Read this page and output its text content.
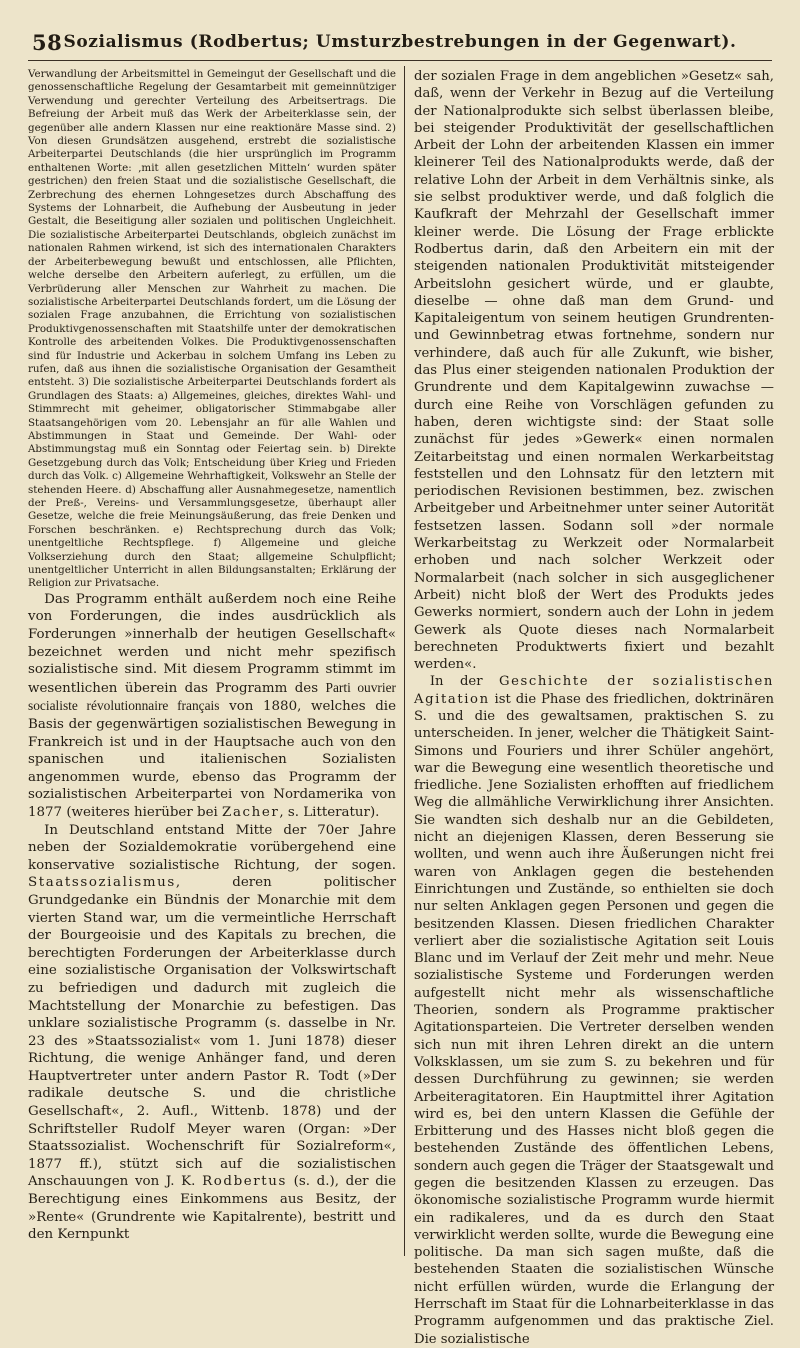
58 Sozialismus (Rodbertus; Umsturzbestrebungen in der Gegenwart).

Verwandlung der Arbeitsmittel in Gemeingut der Gesellschaft und die genossenschaftliche Regelung der Gesamtarbeit mit gemeinnütziger Verwendung und gerechter Verteilung des Arbeitsertrags. Die Befreiung der Arbeit muß das Werk der Arbeiterklasse sein, der gegenüber alle andern Klassen nur eine reaktionäre Masse sind. 2) Von diesen Grundsätzen ausgehend, erstrebt die sozialistische Arbeiterpartei Deutschlands (die hier ursprünglich im Programm enthaltenen Worte: ‚mit allen gesetzlichen Mitteln‘ wurden später gestrichen) den freien Staat und die sozialistische Gesellschaft, die Zerbrechung des ehernen Lohngesetzes durch Abschaffung des Systems der Lohnarbeit, die Aufhebung der Ausbeutung in jeder Gestalt, die Beseitigung aller sozialen und politischen Ungleichheit. Die sozialistische Arbeiterpartei Deutschlands, obgleich zunächst im nationalen Rahmen wirkend, ist sich des internationalen Charakters der Arbeiterbewegung bewußt und entschlossen, alle Pflichten, welche derselbe den Arbeitern auferlegt, zu erfüllen, um die Verbrüderung aller Menschen zur Wahrheit zu machen. Die sozialistische Arbeiterpartei Deutschlands fordert, um die Lösung der sozialen Frage anzubahnen, die Errichtung von sozialistischen Produktivgenossenschaften mit Staatshilfe unter der demokratischen Kontrolle des arbeitenden Volkes. Die Produktivgenossenschaften sind für Industrie und Ackerbau in solchem Umfang ins Leben zu rufen, daß aus ihnen die sozialistische Organisation der Gesamtheit entsteht. 3) Die sozialistische Arbeiterpartei Deutschlands fordert als Grundlagen des Staats: a) Allgemeines, gleiches, direktes Wahl- und Stimmrecht mit geheimer, obligatorischer Stimmabgabe aller Staatsangehörigen vom 20. Lebensjahr an für alle Wahlen und Abstimmungen in Staat und Gemeinde. Der Wahl- oder Abstimmungstag muß ein Sonntag oder Feiertag sein. b) Direkte Gesetzgebung durch das Volk; Entscheidung über Krieg und Frieden durch das Volk. c) Allgemeine Wehrhaftigkeit, Volkswehr an Stelle der stehenden Heere. d) Abschaffung aller Ausnahmegesetze, namentlich der Preß-, Vereins- und Versammlungsgesetze, überhaupt aller Gesetze, welche die freie Meinungsäußerung, das freie Denken und Forschen beschränken. e) Rechtsprechung durch das Volk; unentgeltliche Rechtspflege. f) Allgemeine und gleiche Volkserziehung durch den Staat; allgemeine Schulpflicht; unentgeltlicher Unterricht in allen Bildungsanstalten; Erklärung der Religion zur Privatsache.

Das Programm enthält außerdem noch eine Reihe von Forderungen, die indes ausdrücklich als Forderungen »innerhalb der heutigen Gesellschaft« bezeichnet werden und nicht mehr spezifisch sozialistische sind. Mit diesem Programm stimmt im wesentlichen überein das Programm des Parti ouvrier socialiste révolutionnaire français von 1880, welches die Basis der gegenwärtigen sozialistischen Bewegung in Frankreich ist und in der Hauptsache auch von den spanischen und italienischen Sozialisten angenommen wurde, ebenso das Programm der sozialistischen Arbeiterpartei von Nordamerika von 1877 (weiteres hierüber bei Zacher, s. Litteratur).

In Deutschland entstand Mitte der 70er Jahre neben der Sozialdemokratie vorübergehend eine konservative sozialistische Richtung, der sogen. Staatssozialismus, deren politischer Grundgedanke ein Bündnis der Monarchie mit dem vierten Stand war, um die vermeintliche Herrschaft der Bourgeoisie und des Kapitals zu brechen, die berechtigten Forderungen der Arbeiterklasse durch eine sozialistische Organisation der Volkswirtschaft zu befriedigen und dadurch mit zugleich die Machtstellung der Monarchie zu befestigen. Das unklare sozialistische Programm (s. dasselbe in Nr. 23 des »Staatssozialist« vom 1. Juni 1878) dieser Richtung, die wenige Anhänger fand, und deren Hauptvertreter unter andern Pastor R. Todt (»Der radikale deutsche S. und die christliche Gesellschaft«, 2. Aufl., Wittenb. 1878) und der Schriftsteller Rudolf Meyer waren (Organ: »Der Staatssozialist. Wochenschrift für Sozialreform«, 1877 ff.), stützt sich auf die sozialistischen Anschauungen von J. K. Rodbertus (s. d.), der die Berechtigung eines Einkommens aus Besitz, der »Rente« (Grundrente wie Kapitalrente), bestritt und den Kernpunkt

der sozialen Frage in dem angeblichen »Gesetz« sah, daß, wenn der Verkehr in Bezug auf die Verteilung der Nationalprodukte sich selbst überlassen bleibe, bei steigender Produktivität der gesellschaftlichen Arbeit der Lohn der arbeitenden Klassen ein immer kleinerer Teil des Nationalprodukts werde, daß der relative Lohn der Arbeit in dem Verhältnis sinke, als sie selbst produktiver werde, und daß folglich die Kaufkraft der Mehrzahl der Gesellschaft immer kleiner werde. Die Lösung der Frage erblickte Rodbertus darin, daß den Arbeitern ein mit der steigenden nationalen Produktivität mitsteigender Arbeitslohn gesichert würde, und er glaubte, dieselbe — ohne daß man dem Grund- und Kapitaleigentum von seinem heutigen Grundrenten- und Gewinnbetrag etwas fortnehme, sondern nur verhindere, daß auch für alle Zukunft, wie bisher, das Plus einer steigenden nationalen Produktion der Grundrente und dem Kapitalgewinn zuwachse — durch eine Reihe von Vorschlägen gefunden zu haben, deren wichtigste sind: der Staat solle zunächst für jedes »Gewerk« einen normalen Zeitarbeitstag und einen normalen Werkarbeitstag feststellen und den Lohnsatz für den letztern mit periodischen Revisionen bestimmen, bez. zwischen Arbeitgeber und Arbeitnehmer unter seiner Autorität festsetzen lassen. Sodann soll »der normale Werkarbeitstag zu Werkzeit oder Normalarbeit erhoben und nach solcher Werkzeit oder Normalarbeit (nach solcher in sich ausgeglichener Arbeit) nicht bloß der Wert des Produkts jedes Gewerks normiert, sondern auch der Lohn in jedem Gewerk als Quote dieses nach Normalarbeit berechneten Produktwerts fixiert und bezahlt werden«.

In der Geschichte der sozialistischen Agitation ist die Phase des friedlichen, doktrinären S. und die des gewaltsamen, praktischen S. zu unterscheiden. In jener, welcher die Thätigkeit Saint-Simons und Fouriers und ihrer Schüler angehört, war die Bewegung eine wesentlich theoretische und friedliche. Jene Sozialisten erhofften auf friedlichem Weg die allmähliche Verwirklichung ihrer Ansichten. Sie wandten sich deshalb nur an die Gebildeten, nicht an diejenigen Klassen, deren Besserung sie wollten, und wenn auch ihre Äußerungen nicht frei waren von Anklagen gegen die bestehenden Einrichtungen und Zustände, so enthielten sie doch nur selten Anklagen gegen Personen und gegen die besitzenden Klassen. Diesen friedlichen Charakter verliert aber die sozialistische Agitation seit Louis Blanc und im Verlauf der Zeit mehr und mehr. Neue sozialistische Systeme und Forderungen werden aufgestellt nicht mehr als wissenschaftliche Theorien, sondern als Programme praktischer Agitationsparteien. Die Vertreter derselben wenden sich nun mit ihren Lehren direkt an die untern Volksklassen, um sie zum S. zu bekehren und für dessen Durchführung zu gewinnen; sie werden Arbeiteragitatoren. Ein Hauptmittel ihrer Agitation wird es, bei den untern Klassen die Gefühle der Erbitterung und des Hasses nicht bloß gegen die bestehenden Zustände des öffentlichen Lebens, sondern auch gegen die Träger der Staatsgewalt und gegen die besitzenden Klassen zu erzeugen. Das ökonomische sozialistische Programm wurde hiermit ein radikaleres, und da es durch den Staat verwirklicht werden sollte, wurde die Bewegung eine politische. Da man sich sagen mußte, daß die bestehenden Staaten die sozialistischen Wünsche nicht erfüllen würden, wurde die Erlangung der Herrschaft im Staat für die Lohnarbeiterklasse in das Programm aufgenommen und das praktische Ziel. Die sozialistische
